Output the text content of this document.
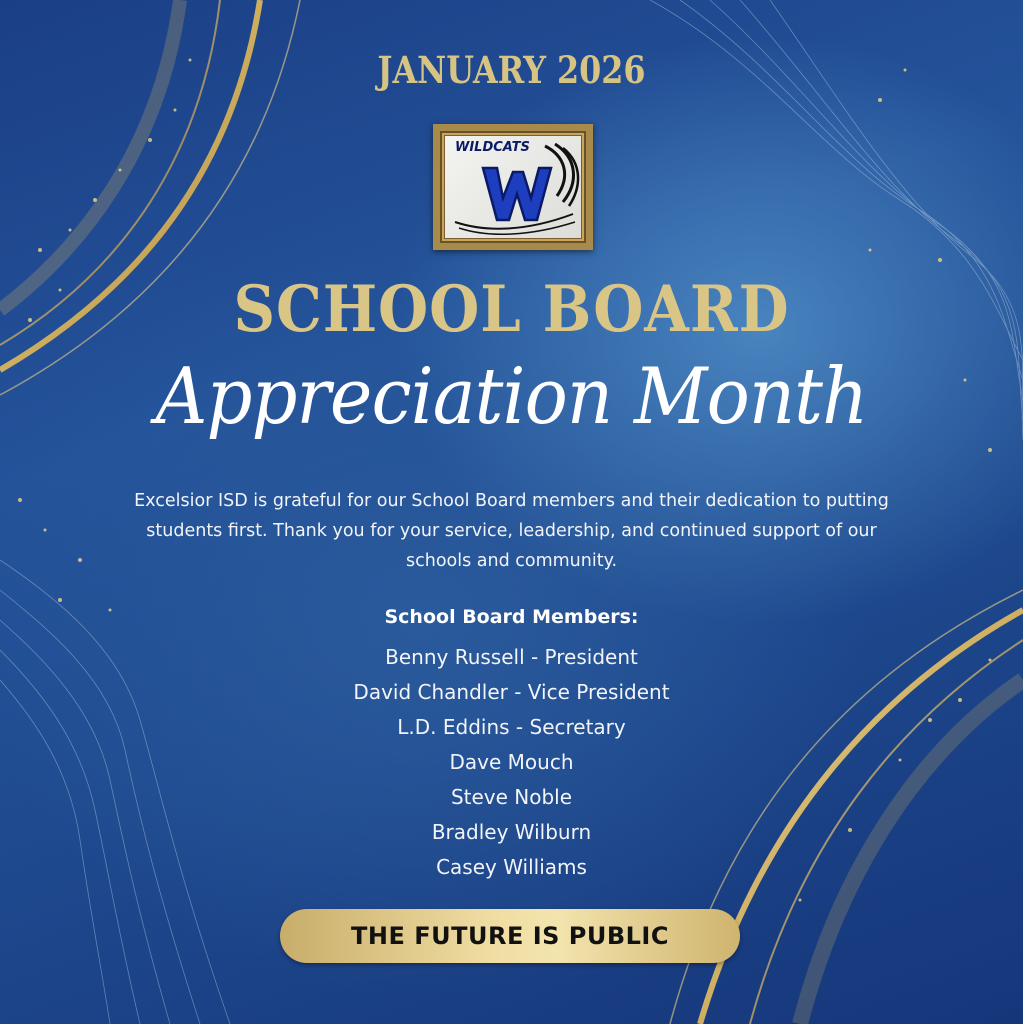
JANUARY 2026
WILDCATS
SCHOOL BOARD
Appreciation Month
Excelsior ISD is grateful for our School Board members and their dedication to putting students first. Thank you for your service, leadership, and continued support of our schools and community.
School Board Members:
Benny Russell - President
David Chandler - Vice President
L.D. Eddins - Secretary
Dave Mouch
Steve Noble
Bradley Wilburn
Casey Williams
THE FUTURE IS PUBLIC
